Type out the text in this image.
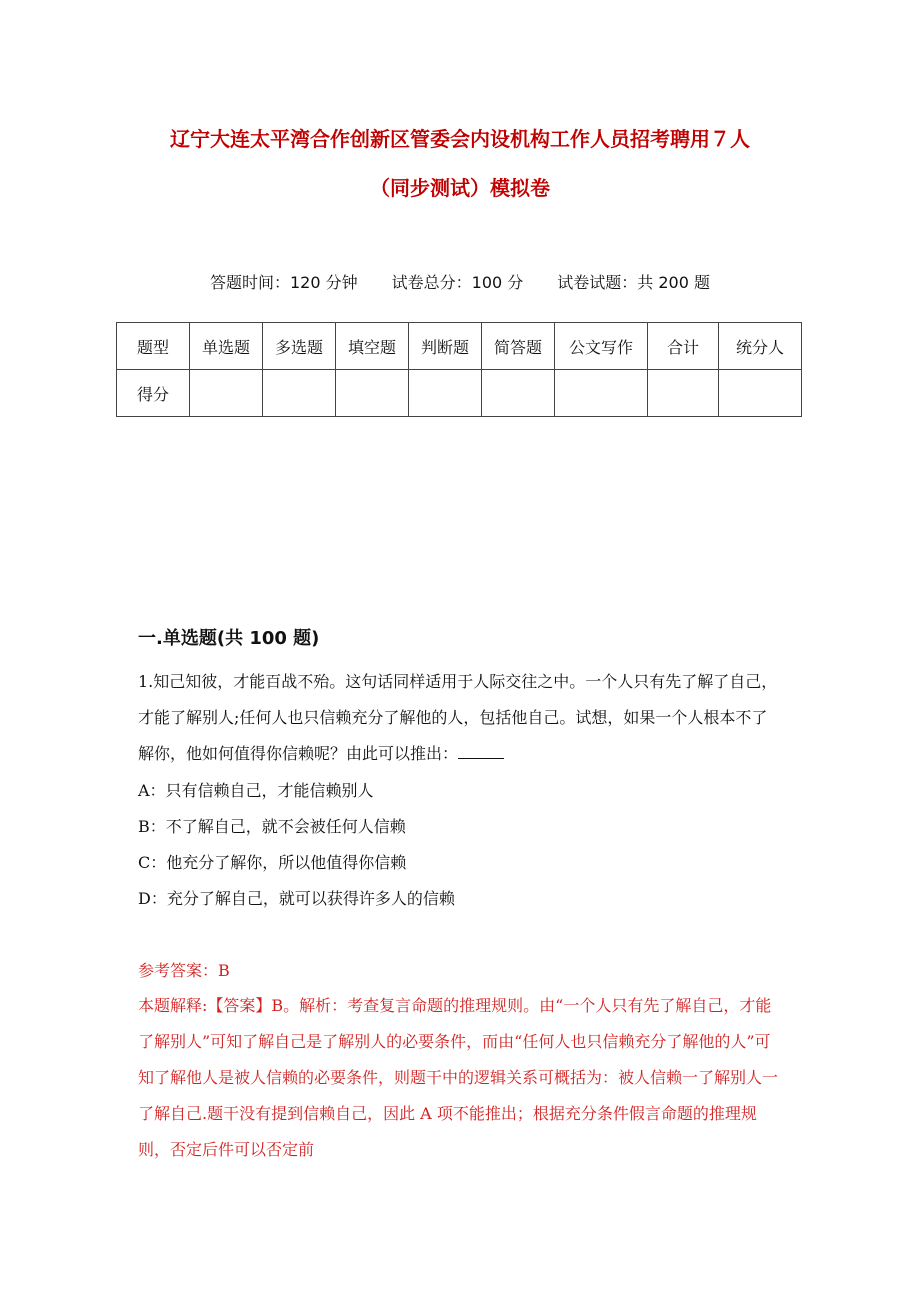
辽宁大连太平湾合作创新区管委会内设机构工作人员招考聘用７人
（同步测试）模拟卷
答题时间：120 分钟 试卷总分：100 分 试卷试题：共 200 题
题型	单选题	多选题	填空题	判断题	简答题	公文写作	合计	统分人
得分								
一.单选题(共 100 题)
1.知己知彼，才能百战不殆。这句话同样适用于人际交往之中。一个人只有先了解了自己，才能了解别人;任何人也只信赖充分了解他的人，包括他自己。试想，如果一个人根本不了解你，他如何值得你信赖呢？由此可以推出：
A：只有信赖自己，才能信赖别人
B：不了解自己，就不会被任何人信赖
C：他充分了解你，所以他值得你信赖
D：充分了解自己，就可以获得许多人的信赖
参考答案：B
本题解释:【答案】B。解析：考查复言命题的推理规则。由“一个人只有先了解自己，才能了解别人”可知了解自己是了解别人的必要条件，而由“任何人也只信赖充分了解他的人”可知了解他人是被人信赖的必要条件，则题干中的逻辑关系可概括为：被人信赖一了解别人一了解自己.题干没有提到信赖自己，因此 A 项不能推出；根据充分条件假言命题的推理规则，否定后件可以否定前
